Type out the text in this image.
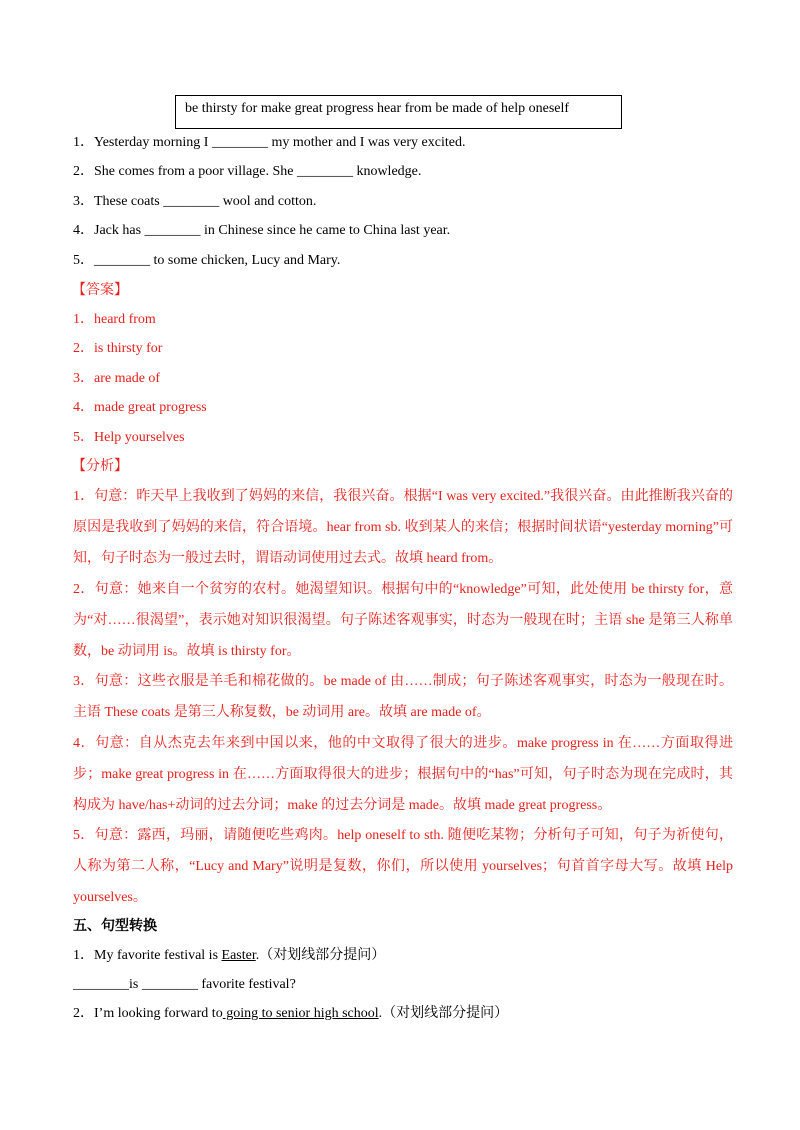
be thirsty for make great progress hear from be made of help oneself
1．Yesterday morning I ________ my mother and I was very excited.
2．She comes from a poor village. She ________ knowledge.
3．These coats ________ wool and cotton.
4．Jack has ________ in Chinese since he came to China last year.
5．________ to some chicken, Lucy and Mary.
【答案】
1．heard from
2．is thirsty for
3．are made of
4．made great progress
5．Help yourselves
【分析】
1．句意：昨天早上我收到了妈妈的来信，我很兴奋。根据“I was very excited.”我很兴奋。由此推断我兴奋的原因是我收到了妈妈的来信，符合语境。hear from sb. 收到某人的来信；根据时间状语“yesterday morning”可知，句子时态为一般过去时，谓语动词使用过去式。故填 heard from。
2．句意：她来自一个贫穷的农村。她渴望知识。根据句中的“knowledge”可知，此处使用 be thirsty for，意为“对……很渴望”，表示她对知识很渴望。句子陈述客观事实，时态为一般现在时；主语 she 是第三人称单数，be 动词用 is。故填 is thirsty for。
3．句意：这些衣服是羊毛和棉花做的。be made of 由……制成；句子陈述客观事实，时态为一般现在时。主语 These coats 是第三人称复数，be 动词用 are。故填 are made of。
4．句意：自从杰克去年来到中国以来，他的中文取得了很大的进步。make progress in 在……方面取得进步；make great progress in 在……方面取得很大的进步；根据句中的“has”可知，句子时态为现在完成时，其构成为 have/has+动词的过去分词；make 的过去分词是 made。故填 made great progress。
5．句意：露西，玛丽，请随便吃些鸡肉。help oneself to sth. 随便吃某物；分析句子可知，句子为祈使句，人称为第二人称，“Lucy and Mary”说明是复数，你们，所以使用 yourselves；句首首字母大写。故填 Help yourselves。
五、句型转换
1．My favorite festival is Easter.（对划线部分提问）
________is ________ favorite festival?
2．I’m looking forward to going to senior high school.（对划线部分提问）
